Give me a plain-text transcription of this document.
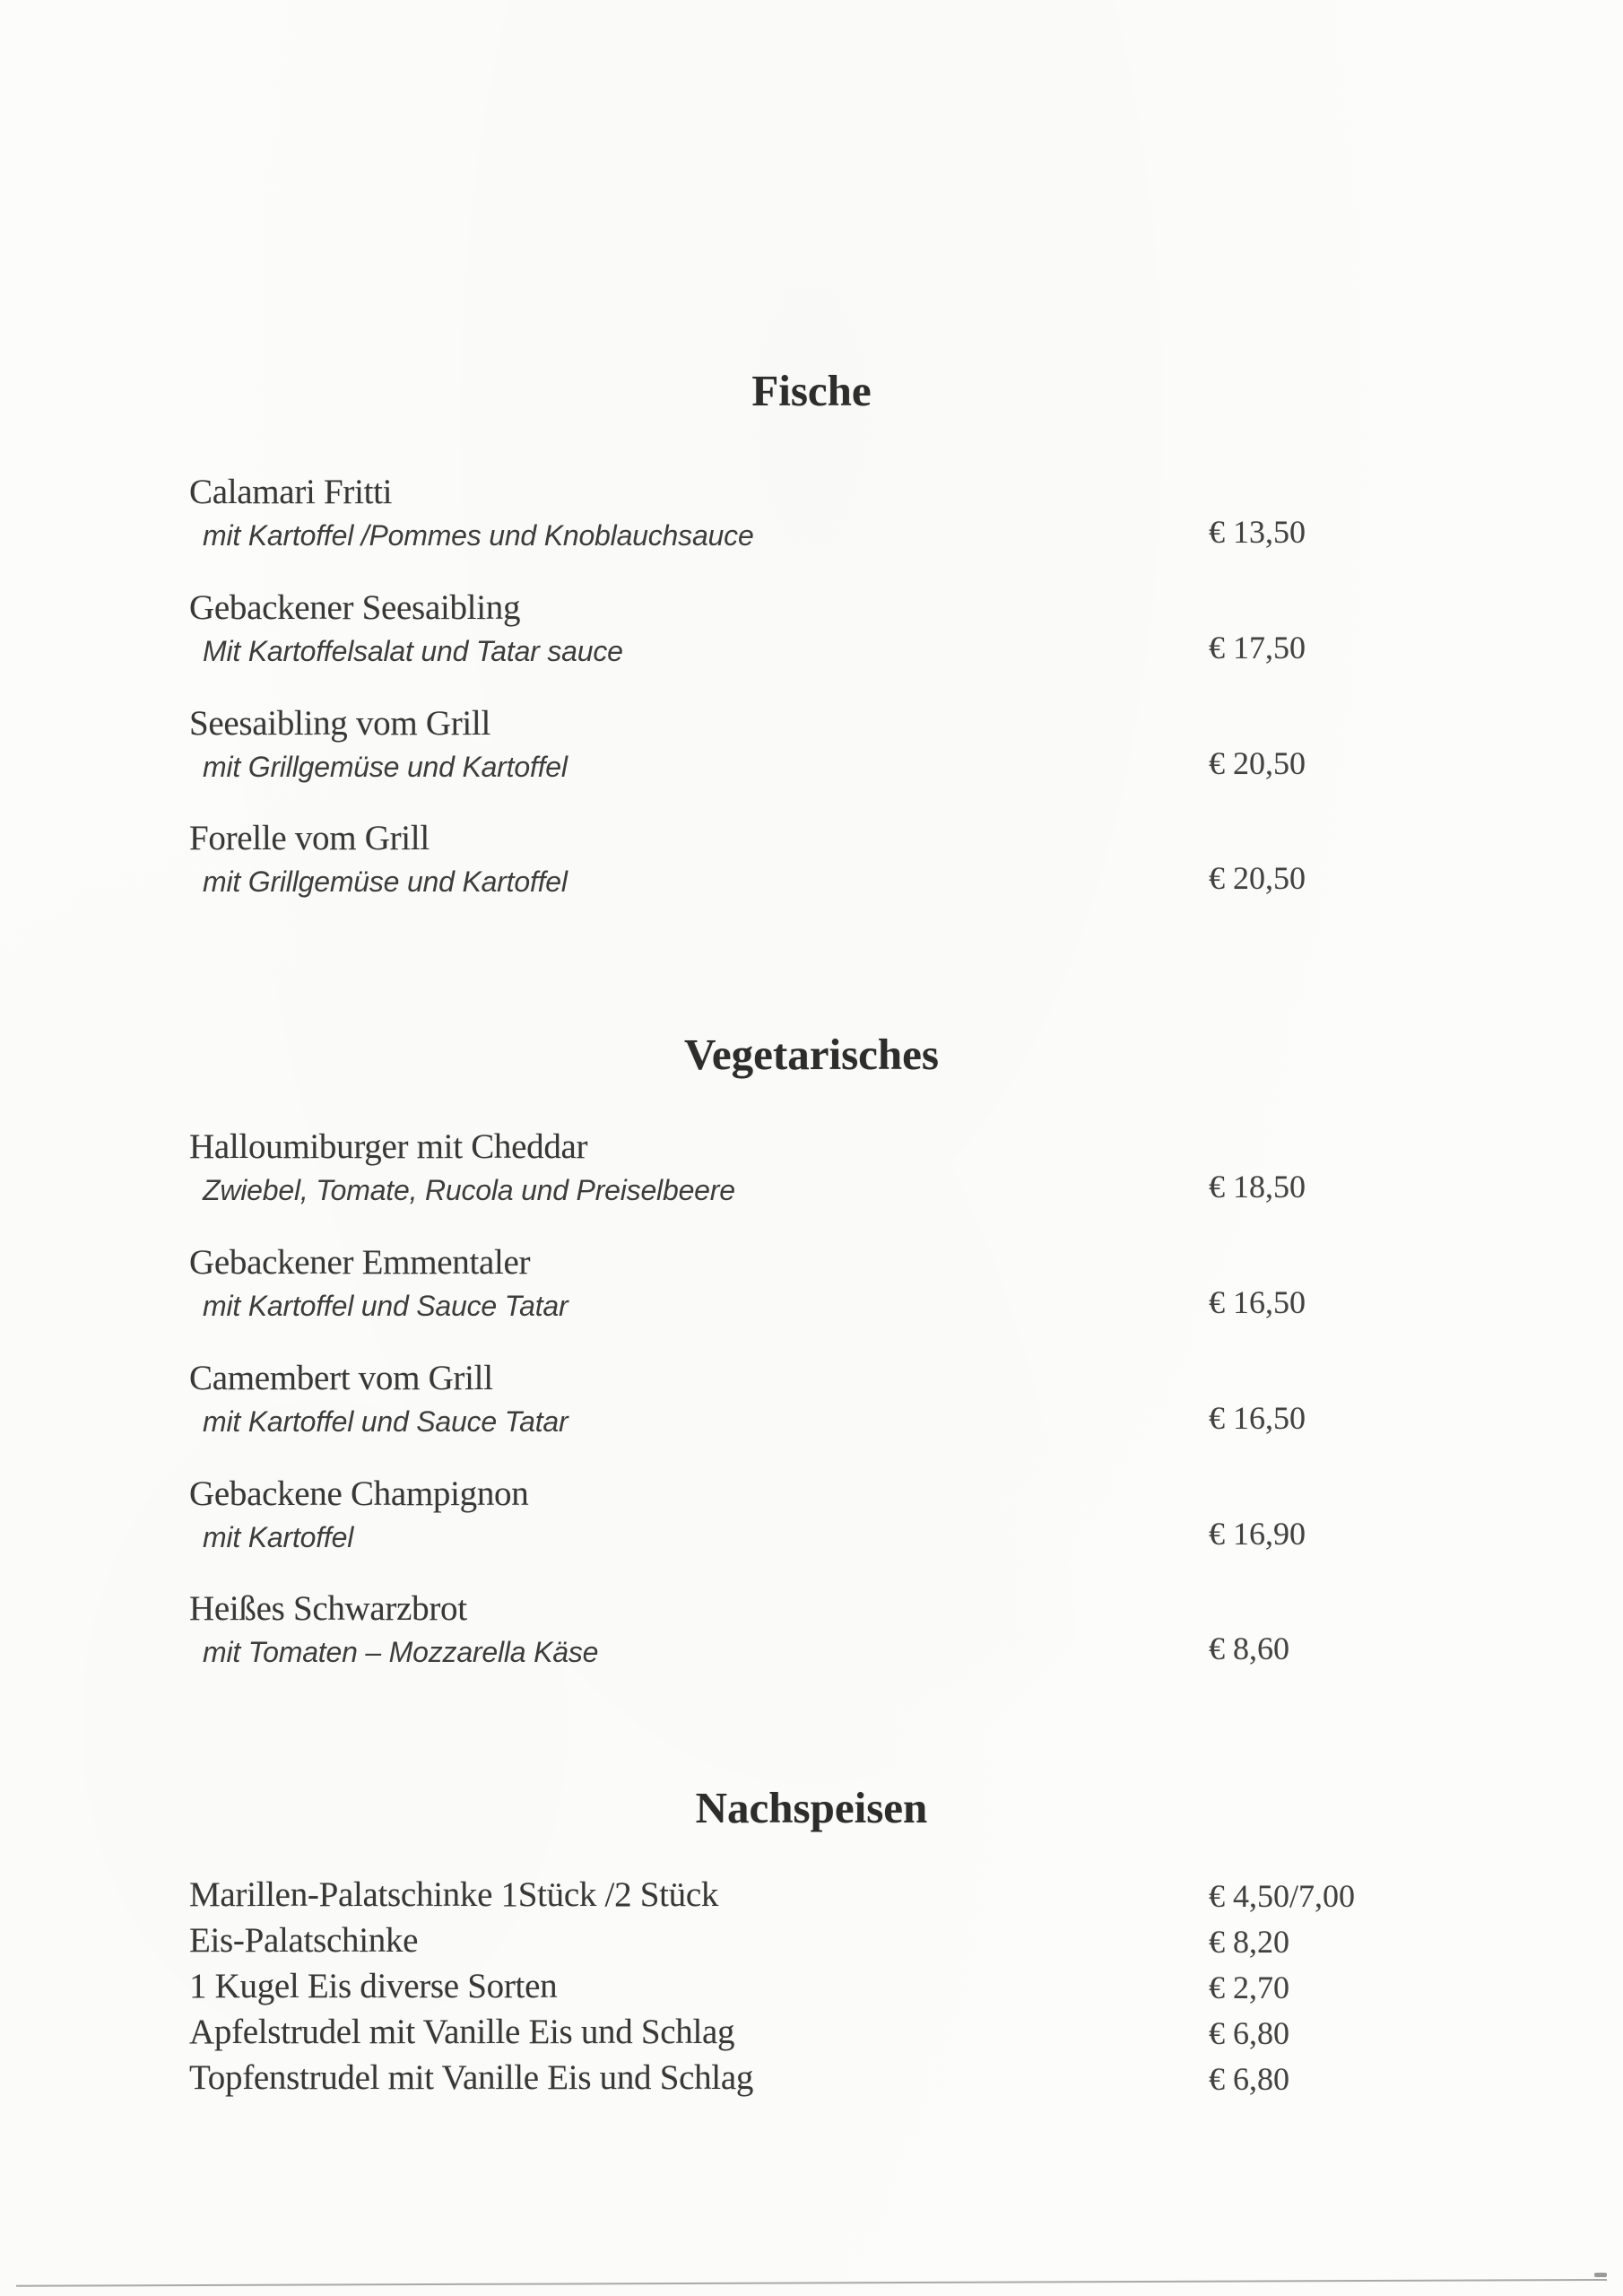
Fische
Calamari Fritti
mit Kartoffel /Pommes und Knoblauchsauce	€ 13,50
Gebackener Seesaibling
Mit Kartoffelsalat und Tatar sauce	€ 17,50
Seesaibling vom Grill
mit Grillgemüse und Kartoffel	€ 20,50
Forelle vom Grill
mit Grillgemüse und Kartoffel	€ 20,50
Vegetarisches
Halloumiburger mit Cheddar
Zwiebel, Tomate, Rucola und Preiselbeere	€ 18,50
Gebackener Emmentaler
mit Kartoffel und Sauce Tatar	€ 16,50
Camembert vom Grill
mit Kartoffel und Sauce Tatar	€ 16,50
Gebackene Champignon
mit Kartoffel	€ 16,90
Heißes Schwarzbrot
mit Tomaten – Mozzarella Käse	€ 8,60
Nachspeisen
Marillen-Palatschinke 1Stück /2 Stück	€ 4,50/7,00
Eis-Palatschinke	€ 8,20
1 Kugel Eis diverse Sorten	€ 2,70
Apfelstrudel mit Vanille Eis und Schlag	€ 6,80
Topfenstrudel mit Vanille Eis und Schlag	€ 6,80
